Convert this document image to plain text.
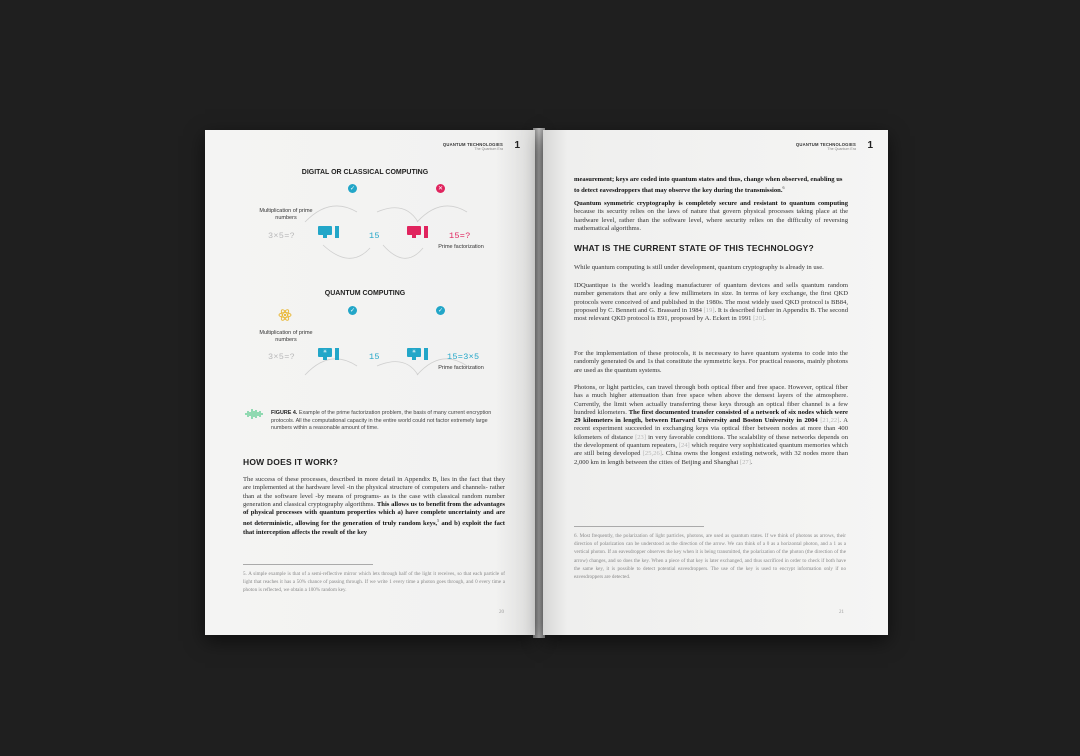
QUANTUM TECHNOLOGIES
The Quantum Era 1
DIGITAL OR CLASSICAL COMPUTING
✓	✕
Multiplication of prime numbers
3×5=?	15	15=?
Prime factorization
QUANTUM COMPUTING
✓	✓
Multiplication of prime numbers
3×5=?	✳	15	✳	15=3×5
Prime factorization
FIGURE 4. Example of the prime factorization problem, the basis of many current encryption protocols. All the computational capacity in the entire world could not factor extremely large numbers within a reasonable amount of time.
HOW DOES IT WORK?
The success of these processes, described in more detail in Appendix B, lies in the fact that they are implemented at the hardware level -in the physical structure of computers and channels- rather than at the software level -by means of programs- as is the case with classical random number generation and classical cryptography algorithms. This allows us to benefit from the advantages of physical processes with quantum properties which a) have complete uncertainty and are not deterministic, allowing for the generation of truly random keys,$^5$ and b) exploit the fact that interception affects the result of the key
5. A simple example is that of a semi-reflective mirror which lets through half of the light it receives, so that each particle of light that reaches it has a 50% chance of passing through. If we write 1 every time a photon goes through, and 0 every time a photon is reflected, we obtain a 100% random key.
20
QUANTUM TECHNOLOGIES
The Quantum Era 1
measurement; keys are coded into quantum states and thus, change when observed, enabling us to detect eavesdroppers that may observe the key during the transmission.$^6$
Quantum symmetric cryptography is completely secure and resistant to quantum computing because its security relies on the laws of nature that govern physical processes taking place at the hardware level, rather than the software level, where security relies on the difficulty of reversing mathematical algorithms.
WHAT IS THE CURRENT STATE OF THIS TECHNOLOGY?
While quantum computing is still under development, quantum cryptography is already in use.
IDQuantique is the world's leading manufacturer of quantum devices and sells quantum random number generators that are only a few millimeters in size. In terms of key exchange, the first QKD protocols were conceived of and published in the 1980s. The most widely used QKD protocol is BB84, proposed by C. Bennett and G. Brassard in 1984 [19]. It is described further in Appendix B. The second most relevant QKD protocol is E91, proposed by A. Eckert in 1991 [20].
For the implementation of these protocols, it is necessary to have quantum systems to code into the randomly generated 0s and 1s that constitute the symmetric keys. For practical reasons, mainly photons are used as the quantum systems.
Photons, or light particles, can travel through both optical fiber and free space. However, optical fiber has a much higher attenuation than free space when above the densest layers of the atmosphere. Currently, the limit when actually transferring these keys through an optical fiber channel is a few hundred kilometers. The first documented transfer consisted of a network of six nodes which were 29 kilometers in length, between Harvard University and Boston University in 2004 [21,22]. A recent experiment succeeded in exchanging keys via optical fiber between nodes at more than 400 kilometers of distance [23] in very favorable conditions. The scalability of these networks depends on the development of quantum repeaters, [24] which require very sophisticated quantum memories which are still being developed [25,26]. China owns the longest existing network, with 32 nodes more than 2,000 km in length between the cities of Beijing and Shanghai [27].
6. Most frequently, the polarization of light particles, photons, are used as quantum states. If we think of photons as arrows, their direction of polarization can be understood as the direction of the arrow. We can think of a 0 as a horizontal photon, and a 1 as a vertical photon. If an eavesdropper observes the key when it is being transmitted, the polarization of the photon (the direction of the arrow) changes, and so does the key. When a piece of that key is later exchanged, and thus sacrificed in order to check if both have the same key, it is possible to detect potential eavesdroppers. The use of the key is used to encrypt information only if no eavesdroppers are detected.
21
